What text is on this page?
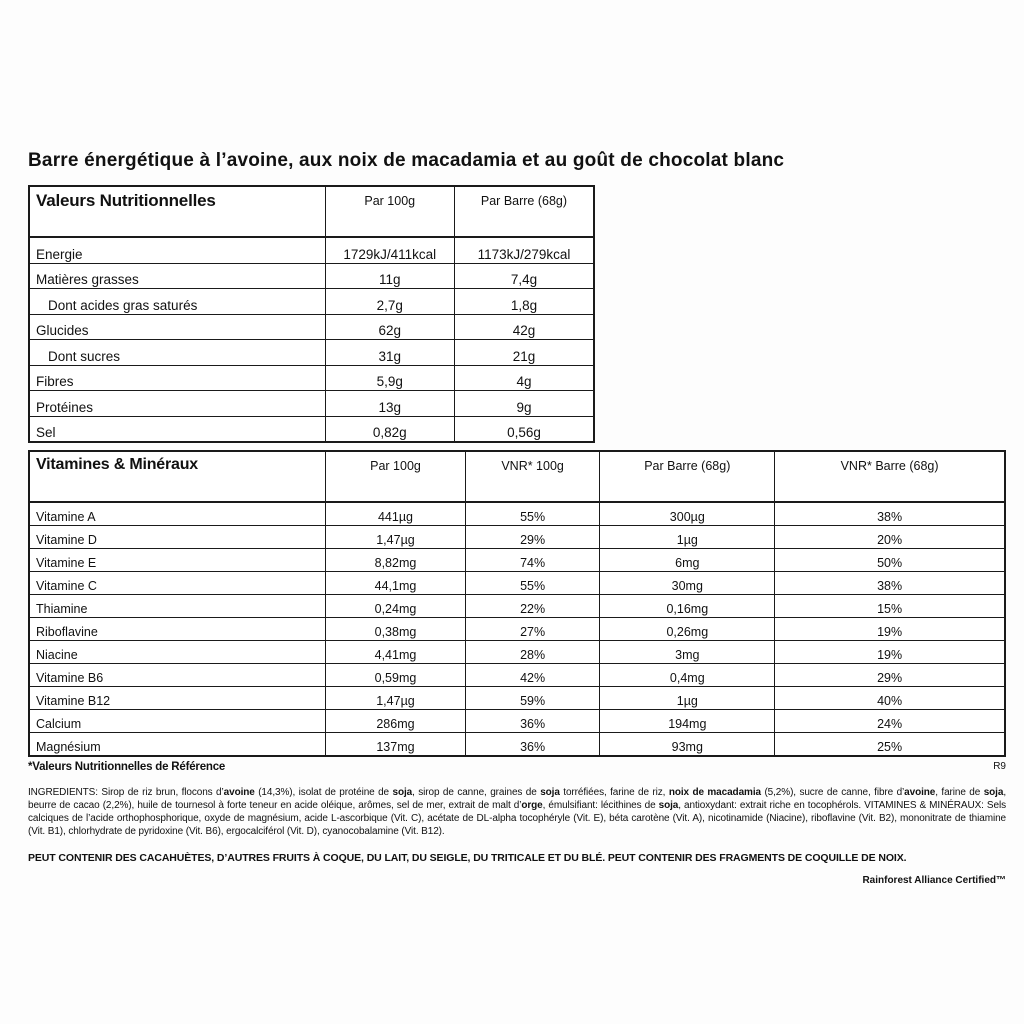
Barre énergétique à l’avoine, aux noix de macadamia et au goût de chocolat blanc
Valeurs Nutritionnelles	Par 100g	Par Barre (68g)
Energie	1729kJ/411kcal	1173kJ/279kcal
Matières grasses	11g	7,4g
Dont acides gras saturés	2,7g	1,8g
Glucides	62g	42g
Dont sucres	31g	21g
Fibres	5,9g	4g
Protéines	13g	9g
Sel	0,82g	0,56g
Vitamines & Minéraux	Par 100g	VNR* 100g	Par Barre (68g)	VNR* Barre (68g)
Vitamine A	441µg	55%	300µg	38%
Vitamine D	1,47µg	29%	1µg	20%
Vitamine E	8,82mg	74%	6mg	50%
Vitamine C	44,1mg	55%	30mg	38%
Thiamine	0,24mg	22%	0,16mg	15%
Riboflavine	0,38mg	27%	0,26mg	19%
Niacine	4,41mg	28%	3mg	19%
Vitamine B6	0,59mg	42%	0,4mg	29%
Vitamine B12	1,47µg	59%	1µg	40%
Calcium	286mg	36%	194mg	24%
Magnésium	137mg	36%	93mg	25%
*Valeurs Nutritionnelles de Référence	R9

INGREDIENTS: Sirop de riz brun, flocons d’avoine (14,3%), isolat de protéine de soja, sirop de canne, graines de soja torréfiées, farine de riz, noix de macadamia (5,2%), sucre de canne, fibre d’avoine, farine de soja, beurre de cacao (2,2%), huile de tournesol à forte teneur en acide oléique, arômes, sel de mer, extrait de malt d’orge, émulsifiant: lécithines de soja, antioxydant: extrait riche en tocophérols. VITAMINES & MINÉRAUX: Sels calciques de l’acide orthophosphorique, oxyde de magnésium, acide L-ascorbique (Vit. C), acétate de DL-alpha tocophéryle (Vit. E), béta carotène (Vit. A), nicotinamide (Niacine), riboflavine (Vit. B2), mononitrate de thiamine (Vit. B1), chlorhydrate de pyridoxine (Vit. B6), ergocalciférol (Vit. D), cyanocobalamine (Vit. B12).

PEUT CONTENIR DES CACAHUÈTES, D’AUTRES FRUITS À COQUE, DU LAIT, DU SEIGLE, DU TRITICALE ET DU BLÉ. PEUT CONTENIR DES FRAGMENTS DE COQUILLE DE NOIX.

Rainforest Alliance Certified™
